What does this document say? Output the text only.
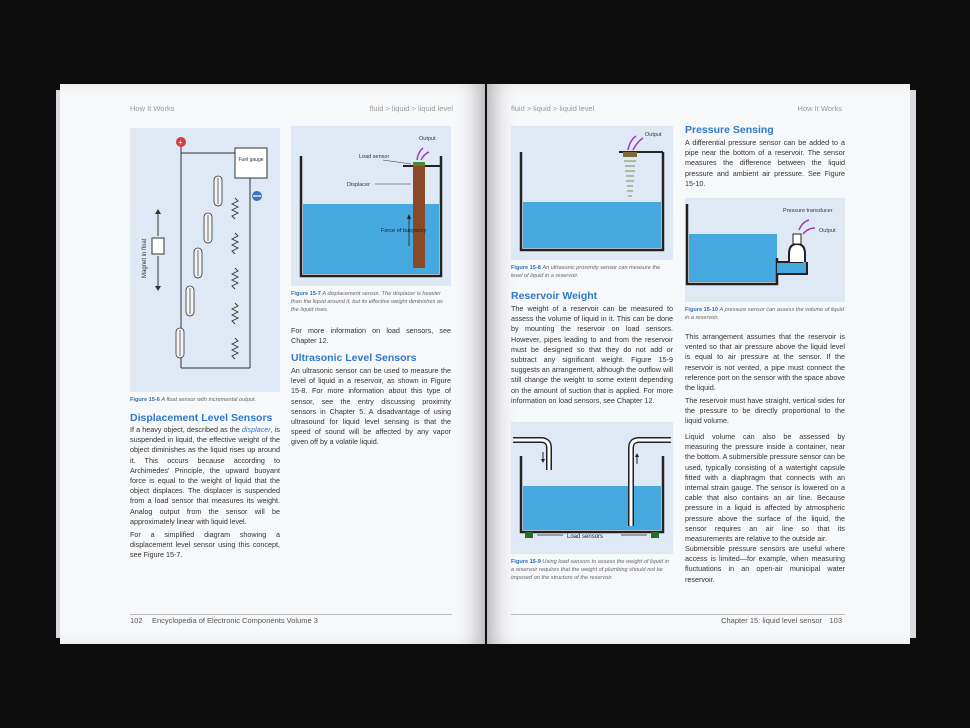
How It Works	fluid > liquid > liquid level
+
Fuel gauge
Magnet in float
Figure 15-6 A float sensor with incremental output.
Displacement Level Sensors

If a heavy object, described as the displacer, is suspended in liquid, the effective weight of the object diminishes as the liquid rises up around it. This occurs because according to Archimedes' Principle, the upward buoyant force is equal to the weight of liquid that the object displaces. The displacer is suspended from a load sensor that measures its weight. Analog output from the sensor will be approximately linear with liquid level.

For a simplified diagram showing a displacement level sensor using this concept, see Figure 15-7.

Output
Load sensor
Displacer
Force of buoyancy
Figure 15-7 A displacement sensor. The displacer is heavier than the liquid around it, but its effective weight diminishes as the liquid rises.

For more information on load sensors, see Chapter 12.

Ultrasonic Level Sensors

An ultrasonic sensor can be used to measure the level of liquid in a reservoir, as shown in Figure 15-8. For more information about this type of sensor, see the entry discussing proximity sensors in Chapter 5. A disadvantage of using ultrasound for liquid level sensing is that the speed of sound will be affected by any vapor given off by a volatile liquid.

102 Encyclopedia of Electronic Components Volume 3
fluid > liquid > liquid level	How It Works
Output
Figure 15-8 An ultrasonic proximity sensor can measure the level of liquid in a reservoir.
Reservoir Weight

The weight of a reservoir can be measured to assess the volume of liquid in it. This can be done by mounting the reservoir on load sensors. However, pipes leading to and from the reservoir must be designed so that they do not add or subtract any significant weight. Figure 15-9 suggests an arrangement, although the outflow will still change the weight to some extent depending on the amount of suction that is applied. For more information on load sensors, see Chapter 12.

Load sensors
Figure 15-9 Using load sensors to assess the weight of liquid in a reservoir requires that the weight of plumbing should not be imposed on the structure of the reservoir.
Pressure Sensing

A differential pressure sensor can be added to a pipe near the bottom of a reservoir. The sensor measures the difference between the liquid pressure and ambient air pressure. See Figure 15-10.

Pressure transducer
Output
Figure 15-10 A pressure sensor can assess the volume of liquid in a reservoir.

This arrangement assumes that the reservoir is vented so that air pressure above the liquid level is equal to air pressure at the sensor. If the reservoir is not vented, a pipe must connect the reference port on the sensor with the space above the liquid.

The reservoir must have straight, vertical sides for the pressure to be directly proportional to the liquid volume.

Liquid volume can also be assessed by measuring the pressure inside a container, near the bottom. A submersible pressure sensor can be used, typically consisting of a watertight capsule fitted with a diaphragm that connects with an internal strain gauge. The sensor is lowered on a cable that also contains an air line. Because pressure in a liquid is affected by atmospheric pressure above the surface of the liquid, the sensor requires an air line so that its measurements are relative to the outside air.

Submersible pressure sensors are useful where access is limited—for example, when measuring fluctuations in an open-air municipal water reservoir.

Chapter 15: liquid level sensor 103
